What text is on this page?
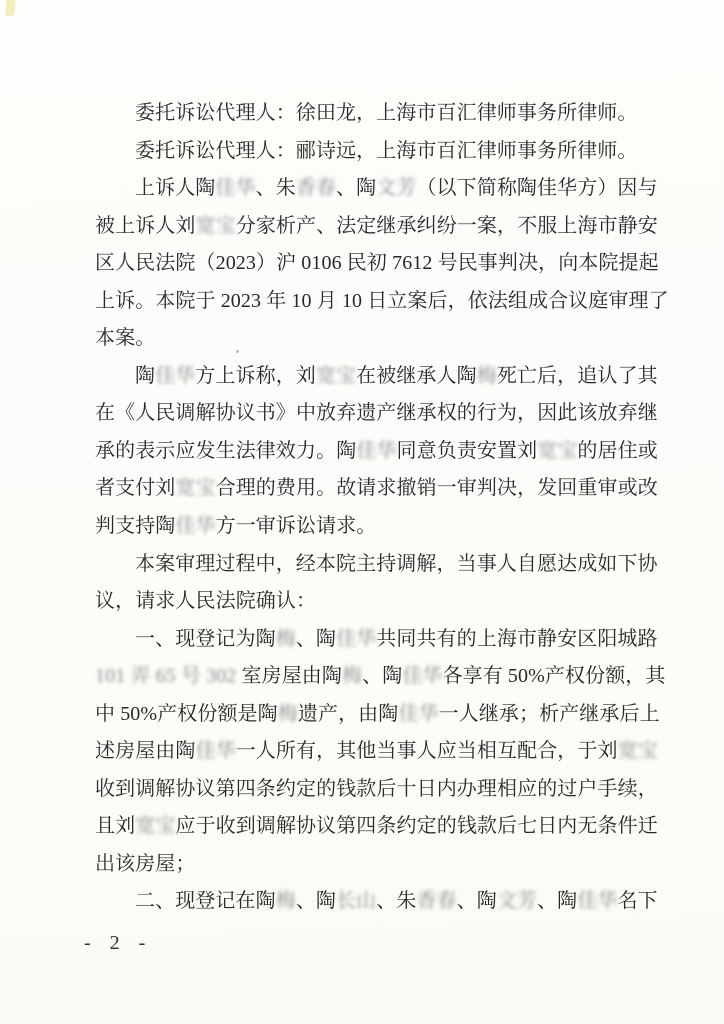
委托诉讼代理人：徐田龙，上海市百汇律师事务所律师。
委托诉讼代理人：郦诗远，上海市百汇律师事务所律师。
上诉人陶佳华、朱香春、陶文芳（以下简称陶佳华方）因与
被上诉人刘宽宝分家析产、法定继承纠纷一案，不服上海市静安
区人民法院（2023）沪 0106 民初 7612 号民事判决，向本院提起
上诉。本院于 2023 年 10 月 10 日立案后，依法组成合议庭审理了
本案。
陶佳华方上诉称，刘宽宝在被继承人陶梅死亡后，追认了其
在《人民调解协议书》中放弃遗产继承权的行为，因此该放弃继
承的表示应发生法律效力。陶佳华同意负责安置刘宽宝的居住或
者支付刘宽宝合理的费用。故请求撤销一审判决，发回重审或改
判支持陶佳华方一审诉讼请求。
本案审理过程中，经本院主持调解，当事人自愿达成如下协
议，请求人民法院确认：
一、现登记为陶梅、陶佳华共同共有的上海市静安区阳城路
101 弄 65 号 302 室房屋由陶梅、陶佳华各享有 50%产权份额，其
中 50%产权份额是陶梅遗产，由陶佳华一人继承；析产继承后上
述房屋由陶佳华一人所有，其他当事人应当相互配合，于刘宽宝
收到调解协议第四条约定的钱款后十日内办理相应的过户手续，
且刘宽宝应于收到调解协议第四条约定的钱款后七日内无条件迁
出该房屋；
二、现登记在陶梅、陶长山、朱香春、陶文芳、陶佳华名下
- 2 -
